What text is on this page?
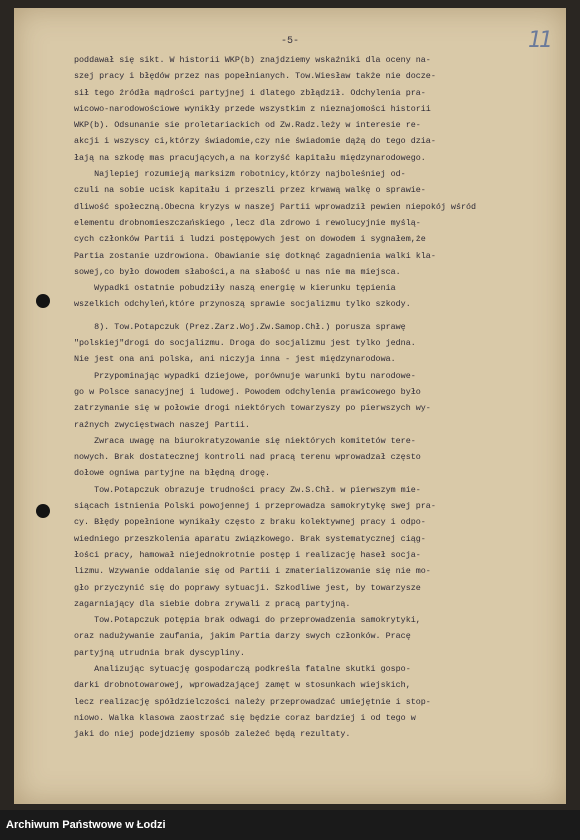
-5-	11

poddawał się sikt. W historii WKP(b) znajdziemy wskaźniki dla oceny na-
szej pracy i błędów przez nas popełnianych. Tow.Wiesław także nie docze-
sił tego źródła mądrości partyjnej i dlatego zbłądził. Odchylenia pra-
wicowo-narodowościowe wynikły przede wszystkim z nieznajomości historii
WKP(b). Odsunanie sie proletariackich od Zw.Radz.leży w interesie re-
akcji i wszyscy ci,którzy świadomie,czy nie świadomie dążą do tego dzia-
łają na szkodę mas pracujących,a na korzyść kapitału międzynarodowego.

Najlepiej rozumieją marksizm robotnicy,którzy najboleśniej od-
czuli na sobie ucisk kapitału i przeszli przez krwawą walkę o sprawie-
dliwość społeczną.Obecna kryzys w naszej Partii wprowadził pewien niepokój wśród
elementu drobnomieszczańskiego ,lecz dla zdrowo i rewolucyjnie myślą-
cych członków Partii i ludzi postępowych jest on dowodem i sygnałem,że
Partia zostanie uzdrowiona. Obawianie się dotknąć zagadnienia walki kla-
sowej,co było dowodem słabości,a na słabość u nas nie ma miejsca.

Wypadki ostatnie pobudziły naszą energię w kierunku tępienia
wszelkich odchyleń,które przynoszą sprawie socjalizmu tylko szkody.

8). Tow.Potapczuk (Prez.Zarz.Woj.Zw.Samop.Chł.) porusza sprawę
"polskiej"drogi do socjalizmu. Droga do socjalizmu jest tylko jedna.
Nie jest ona ani polska, ani niczyja inna - jest międzynarodowa.

Przypominając wypadki dziejowe, porównuje warunki bytu narodowe-
go w Polsce sanacyjnej i ludowej. Powodem odchylenia prawicowego było
zatrzymanie się w połowie drogi niektórych towarzyszy po pierwszych wy-
raźnych zwycięstwach naszej Partii.

Zwraca uwagę na biurokratyzowanie się niektórych komitetów tere-
nowych. Brak dostatecznej kontroli nad pracą terenu wprowadzał często
dołowe ogniwa partyjne na błędną drogę.

Tow.Potapczuk obrazuje trudności pracy Zw.S.Chł. w pierwszym mie-
siącach istnienia Polski powojennej i przeprowadza samokrytykę swej pra-
cy. Błędy popełnione wynikały często z braku kolektywnej pracy i odpo-
wiedniego przeszkolenia aparatu związkowego. Brak systematycznej ciąg-
łości pracy, hamował niejednokrotnie postęp i realizację haseł socja-
lizmu. Wzywanie oddalanie się od Partii i zmaterializowanie się nie mo-
gło przyczynić się do poprawy sytuacji. Szkodliwe jest, by towarzysze
zagarniający dla siebie dobra zrywali z pracą partyjną.

Tow.Potapczuk potępia brak odwagi do przeprowadzenia samokrytyki,
oraz nadużywanie zaufania, jakim Partia darzy swych członków. Pracę
partyjną utrudnia brak dyscypliny.

Analizując sytuację gospodarczą podkreśla fatalne skutki gospo-
darki drobnotowarowej, wprowadzającej zamęt w stosunkach wiejskich,
lecz realizację spółdzielczości należy przeprowadzać umiejętnie i stop-
niowo. Walka klasowa zaostrzać się będzie coraz bardziej i od tego w
jaki do niej podejdziemy sposób zależeć będą rezultaty.

Archiwum Państwowe w Łodzi
